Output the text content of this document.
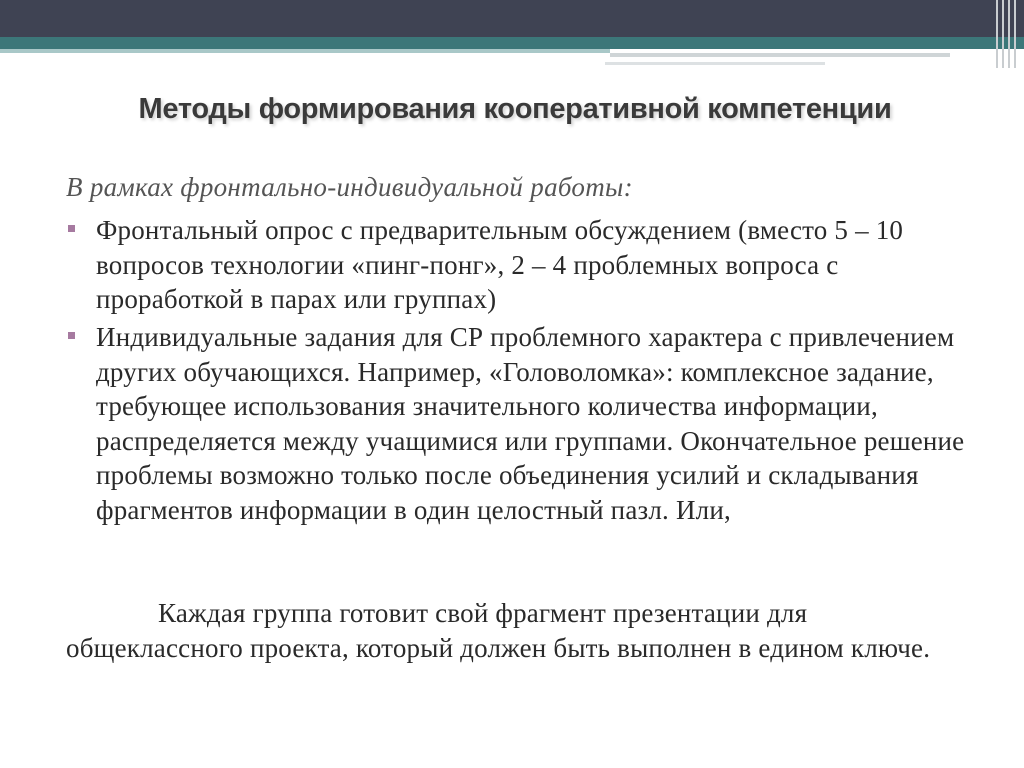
Методы формирования кооперативной компетенции
В рамках фронтально-индивидуальной работы:
Фронтальный опрос с предварительным обсуждением (вместо 5 – 10 вопросов технологии «пинг-понг», 2 – 4 проблемных вопроса с проработкой в парах или группах)
Индивидуальные задания для СР проблемного характера с привлечением других обучающихся. Например, «Головоломка»: комплексное задание, требующее использования значительного количества информации, распределяется между учащимися или группами. Окончательное решение проблемы возможно только после объединения усилий и складывания фрагментов информации в один целостный пазл. Или,
Каждая группа готовит свой фрагмент презентации для общеклассного проекта, который должен быть выполнен в едином ключе.
